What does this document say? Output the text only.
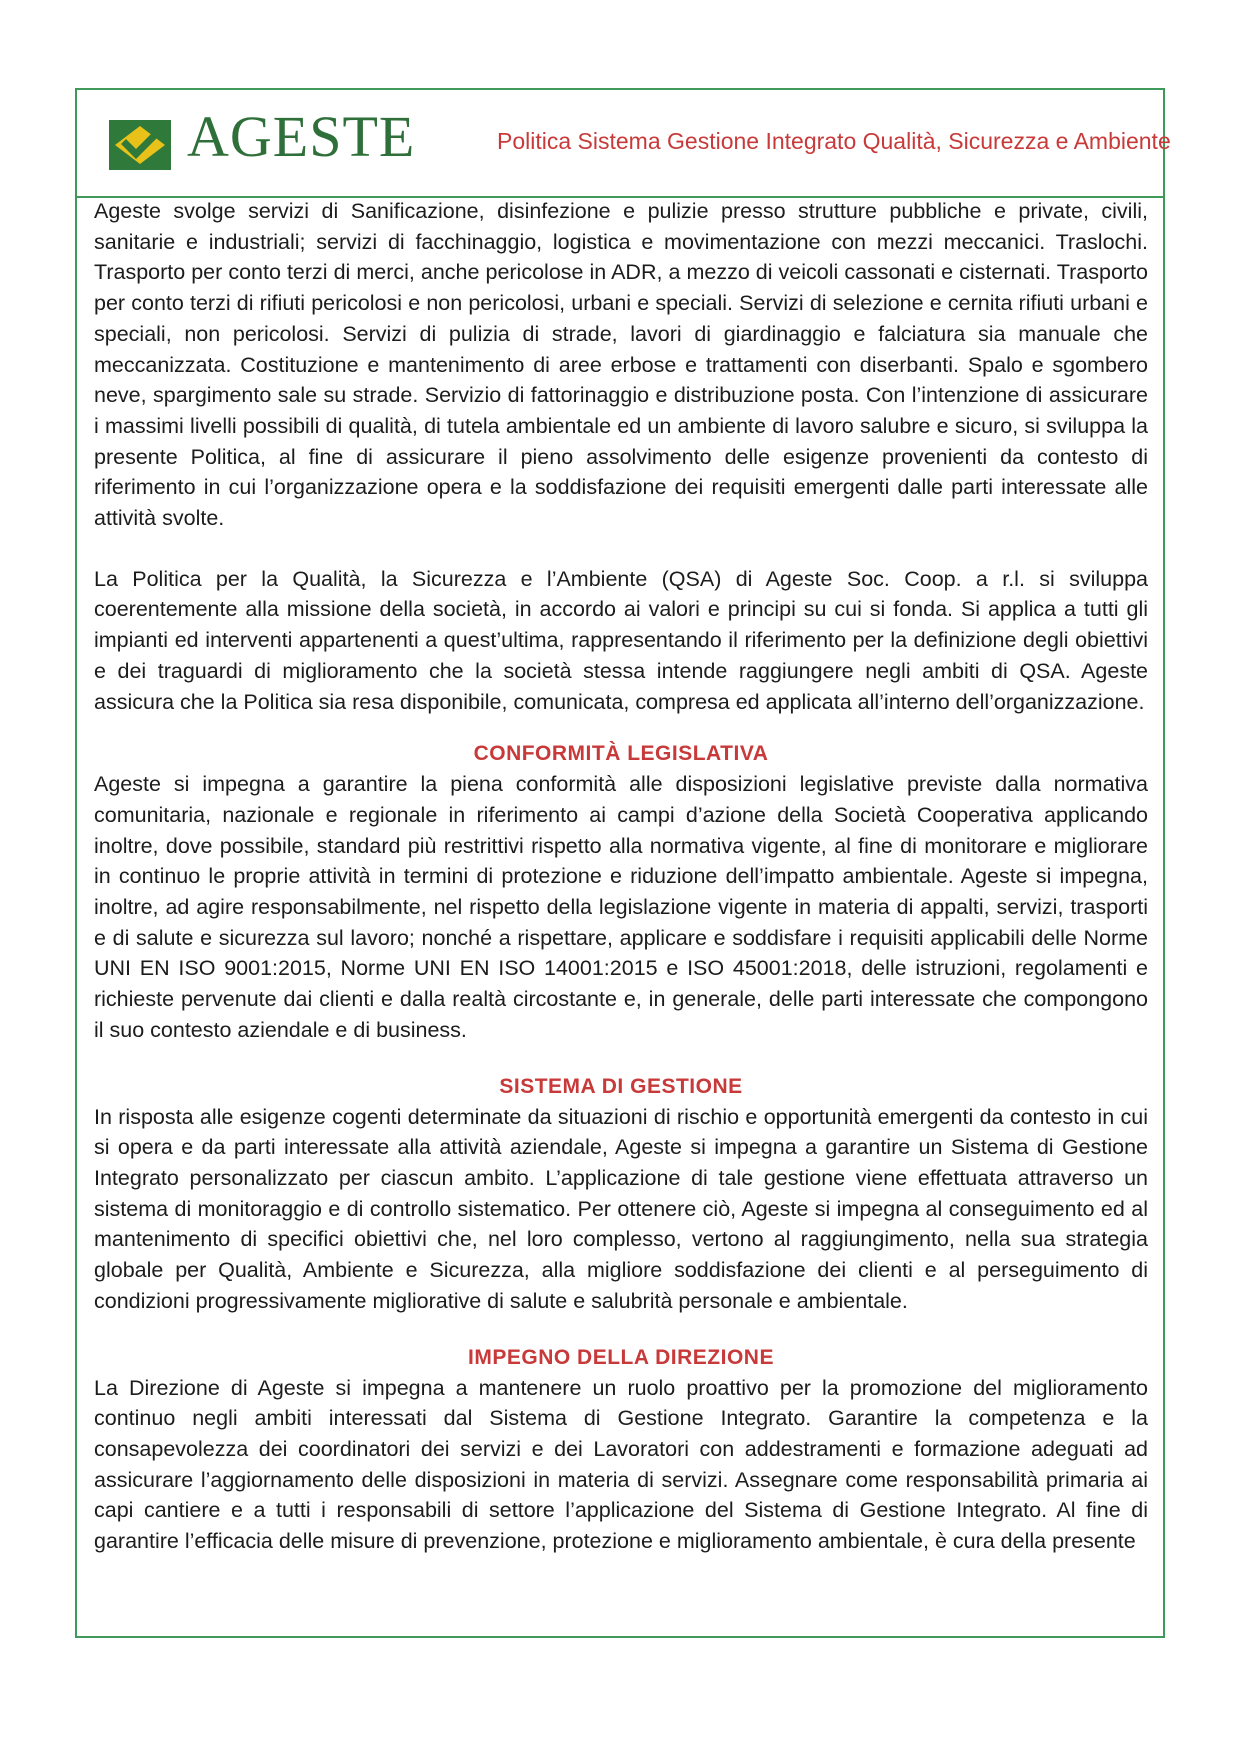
AGESTE	Politica Sistema Gestione Integrato Qualità, Sicurezza e Ambiente

Ageste svolge servizi di Sanificazione, disinfezione e pulizie presso strutture pubbliche e private, civili, sanitarie e industriali; servizi di facchinaggio, logistica e movimentazione con mezzi meccanici. Traslochi. Trasporto per conto terzi di merci, anche pericolose in ADR, a mezzo di veicoli cassonati e cisternati. Trasporto per conto terzi di rifiuti pericolosi e non pericolosi, urbani e speciali. Servizi di selezione e cernita rifiuti urbani e speciali, non pericolosi. Servizi di pulizia di strade, lavori di giardinaggio e falciatura sia manuale che meccanizzata. Costituzione e mantenimento di aree erbose e trattamenti con diserbanti. Spalo e sgombero neve, spargimento sale su strade. Servizio di fattorinaggio e distribuzione posta. Con l’intenzione di assicurare i massimi livelli possibili di qualità, di tutela ambientale ed un ambiente di lavoro salubre e sicuro, si sviluppa la presente Politica, al fine di assicurare il pieno assolvimento delle esigenze provenienti da contesto di riferimento in cui l’organizzazione opera e la soddisfazione dei requisiti emergenti dalle parti interessate alle attività svolte.

La Politica per la Qualità, la Sicurezza e l’Ambiente (QSA) di Ageste Soc. Coop. a r.l. si sviluppa coerentemente alla missione della società, in accordo ai valori e principi su cui si fonda. Si applica a tutti gli impianti ed interventi appartenenti a quest’ultima, rappresentando il riferimento per la definizione degli obiettivi e dei traguardi di miglioramento che la società stessa intende raggiungere negli ambiti di QSA. Ageste assicura che la Politica sia resa disponibile, comunicata, compresa ed applicata all’interno dell’organizzazione.

CONFORMITÀ LEGISLATIVA

Ageste si impegna a garantire la piena conformità alle disposizioni legislative previste dalla normativa comunitaria, nazionale e regionale in riferimento ai campi d’azione della Società Cooperativa applicando inoltre, dove possibile, standard più restrittivi rispetto alla normativa vigente, al fine di monitorare e migliorare in continuo le proprie attività in termini di protezione e riduzione dell’impatto ambientale. Ageste si impegna, inoltre, ad agire responsabilmente, nel rispetto della legislazione vigente in materia di appalti, servizi, trasporti e di salute e sicurezza sul lavoro; nonché a rispettare, applicare e soddisfare i requisiti applicabili delle Norme UNI EN ISO 9001:2015, Norme UNI EN ISO 14001:2015 e ISO 45001:2018, delle istruzioni, regolamenti e richieste pervenute dai clienti e dalla realtà circostante e, in generale, delle parti interessate che compongono il suo contesto aziendale e di business.

SISTEMA DI GESTIONE

In risposta alle esigenze cogenti determinate da situazioni di rischio e opportunità emergenti da contesto in cui si opera e da parti interessate alla attività aziendale, Ageste si impegna a garantire un Sistema di Gestione Integrato personalizzato per ciascun ambito. L’applicazione di tale gestione viene effettuata attraverso un sistema di monitoraggio e di controllo sistematico. Per ottenere ciò, Ageste si impegna al conseguimento ed al mantenimento di specifici obiettivi che, nel loro complesso, vertono al raggiungimento, nella sua strategia globale per Qualità, Ambiente e Sicurezza, alla migliore soddisfazione dei clienti e al perseguimento di condizioni progressivamente migliorative di salute e salubrità personale e ambientale.

IMPEGNO DELLA DIREZIONE

La Direzione di Ageste si impegna a mantenere un ruolo proattivo per la promozione del miglioramento continuo negli ambiti interessati dal Sistema di Gestione Integrato. Garantire la competenza e la consapevolezza dei coordinatori dei servizi e dei Lavoratori con addestramenti e formazione adeguati ad assicurare l’aggiornamento delle disposizioni in materia di servizi. Assegnare come responsabilità primaria ai capi cantiere e a tutti i responsabili di settore l’applicazione del Sistema di Gestione Integrato. Al fine di garantire l’efficacia delle misure di prevenzione, protezione e miglioramento ambientale, è cura della presente
